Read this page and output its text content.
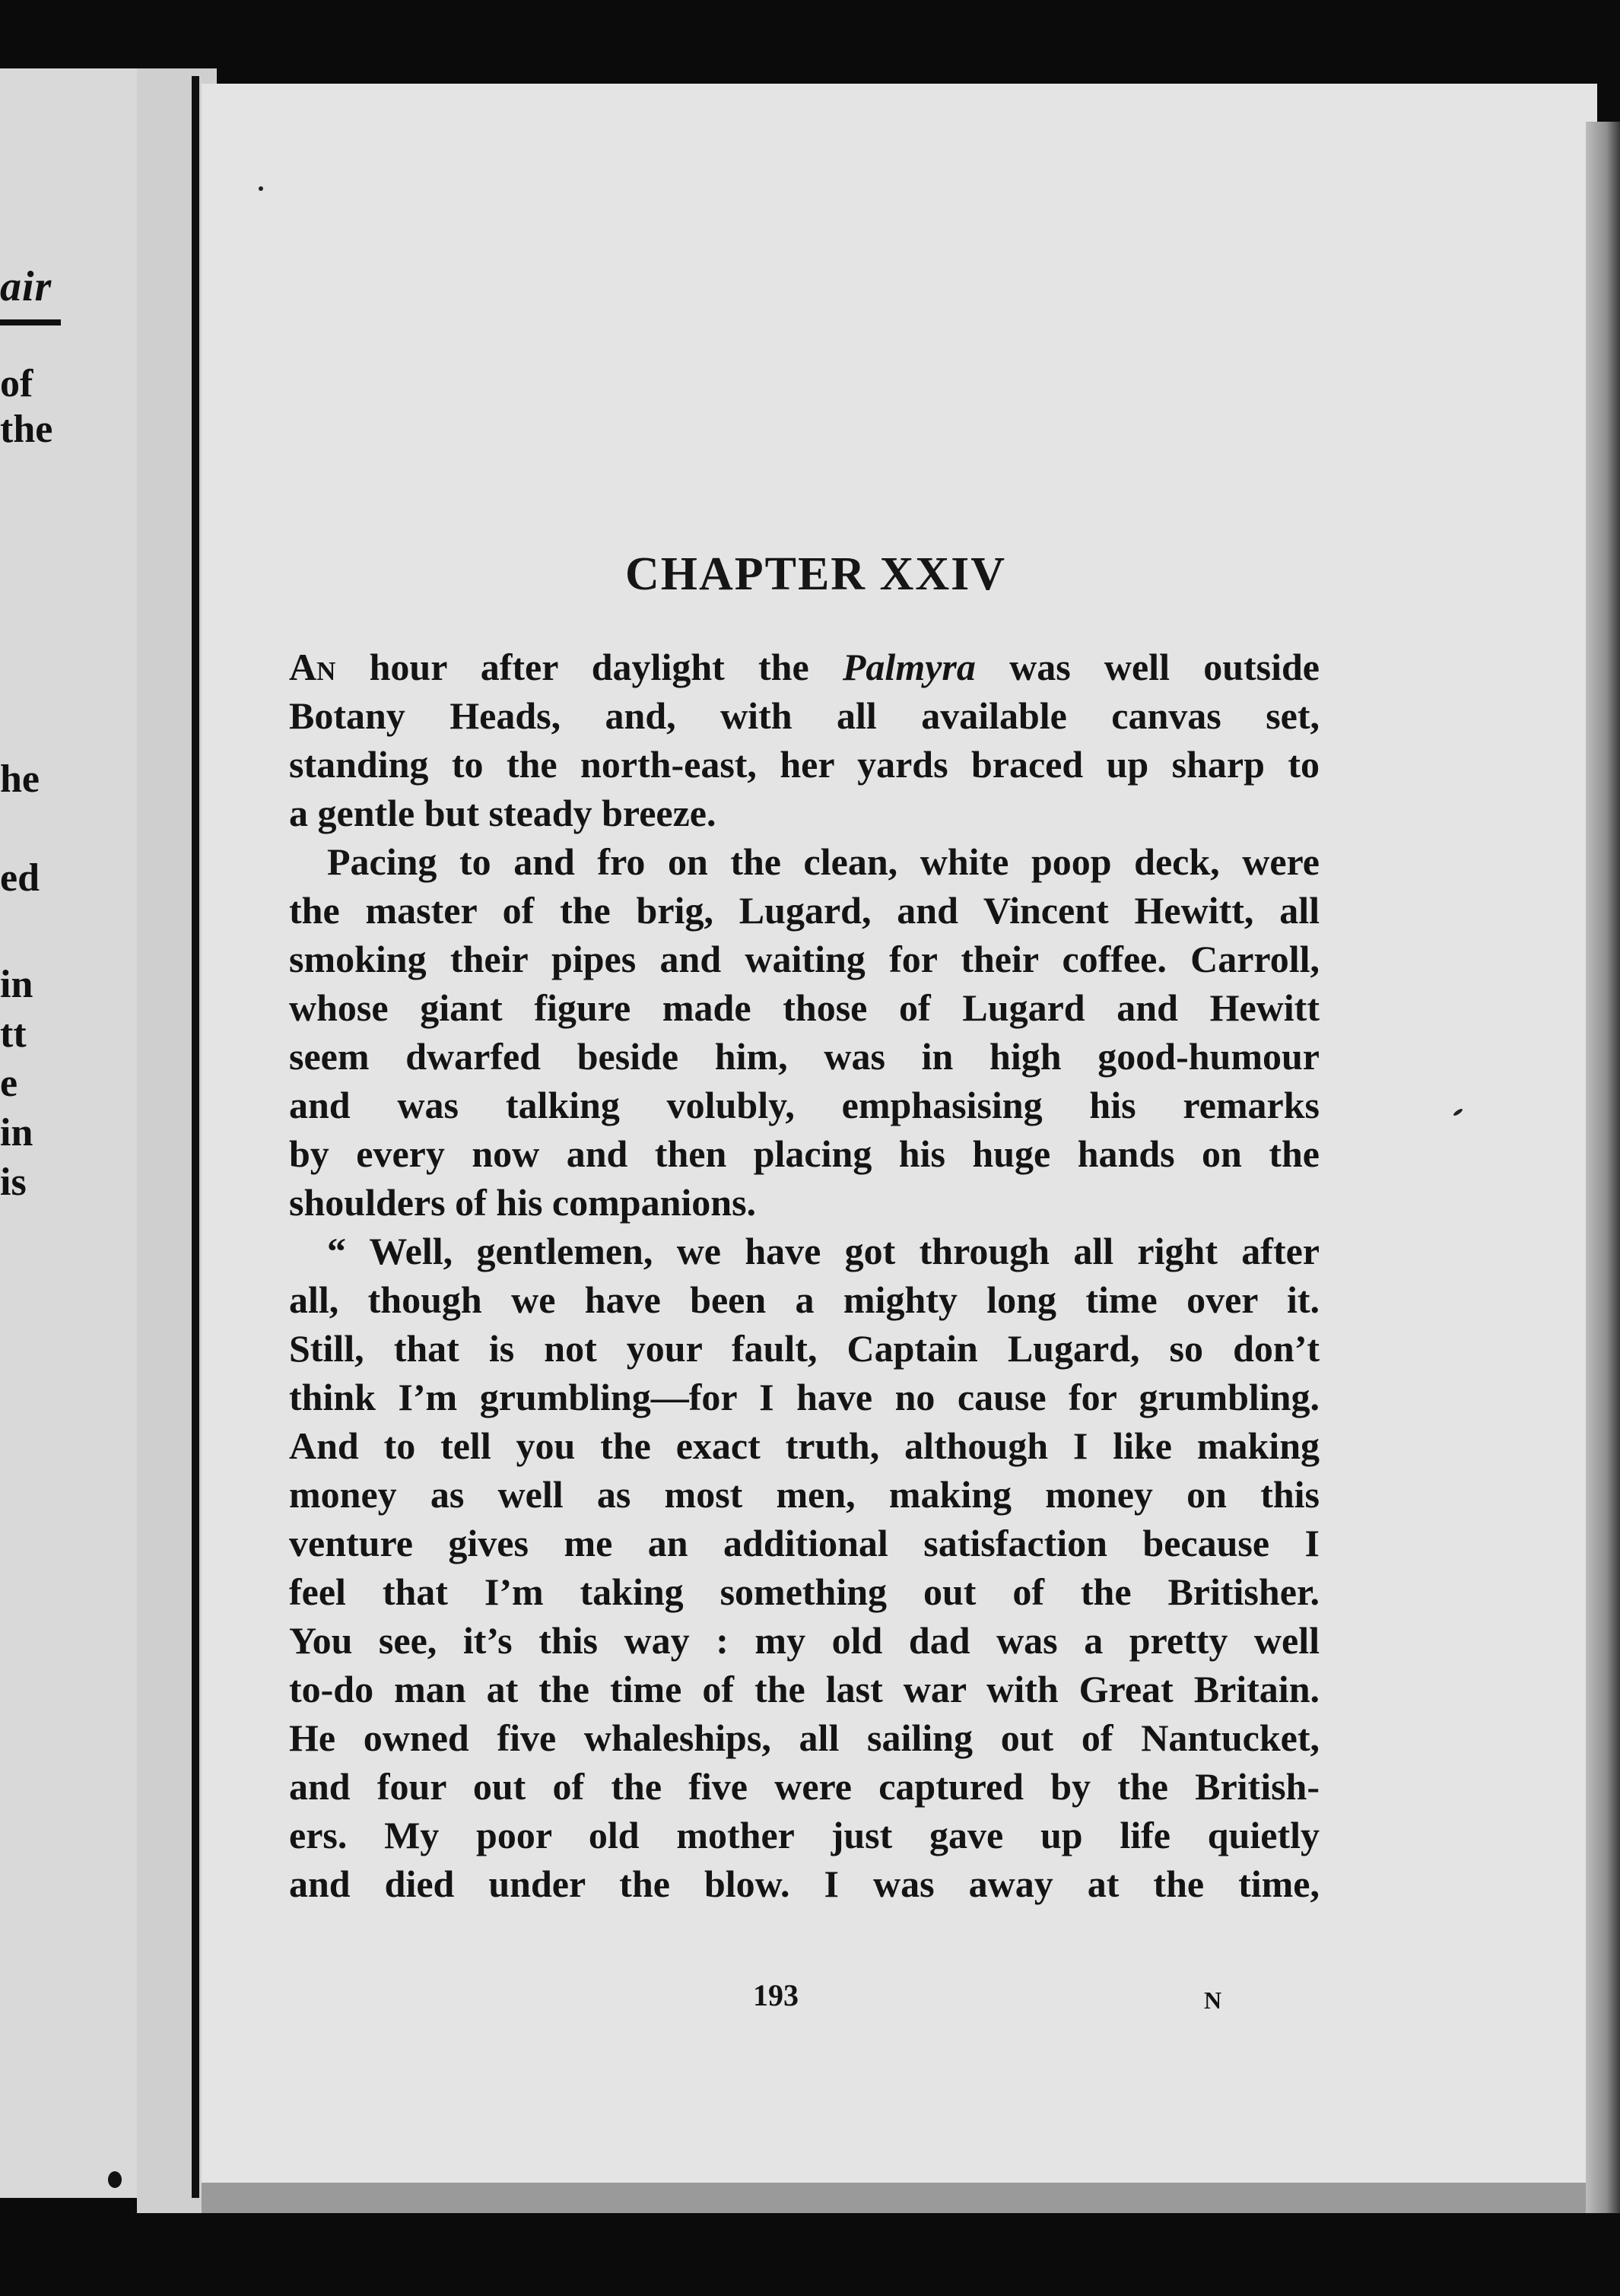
air
of
the
he
ed
in
tt
e
in
is
CHAPTER XXIV

An hour after daylight the Palmyra was well outside

Botany Heads, and, with all available canvas set,

standing to the north-east, her yards braced up sharp to

a gentle but steady breeze.

Pacing to and fro on the clean, white poop deck, were

the master of the brig, Lugard, and Vincent Hewitt, all

smoking their pipes and waiting for their coffee. Carroll,

whose giant figure made those of Lugard and Hewitt

seem dwarfed beside him, was in high good-humour

and was talking volubly, emphasising his remarks

by every now and then placing his huge hands on the

shoulders of his companions.

“ Well, gentlemen, we have got through all right after

all, though we have been a mighty long time over it.

Still, that is not your fault, Captain Lugard, so don’t

think I’m grumbling—for I have no cause for grumbling.

And to tell you the exact truth, although I like making

money as well as most men, making money on this

venture gives me an additional satisfaction because I

feel that I’m taking something out of the Britisher.

You see, it’s this way : my old dad was a pretty well

to-do man at the time of the last war with Great Britain.

He owned five whaleships, all sailing out of Nantucket,

and four out of the five were captured by the British-

ers. My poor old mother just gave up life quietly

and died under the blow. I was away at the time,

193	N
